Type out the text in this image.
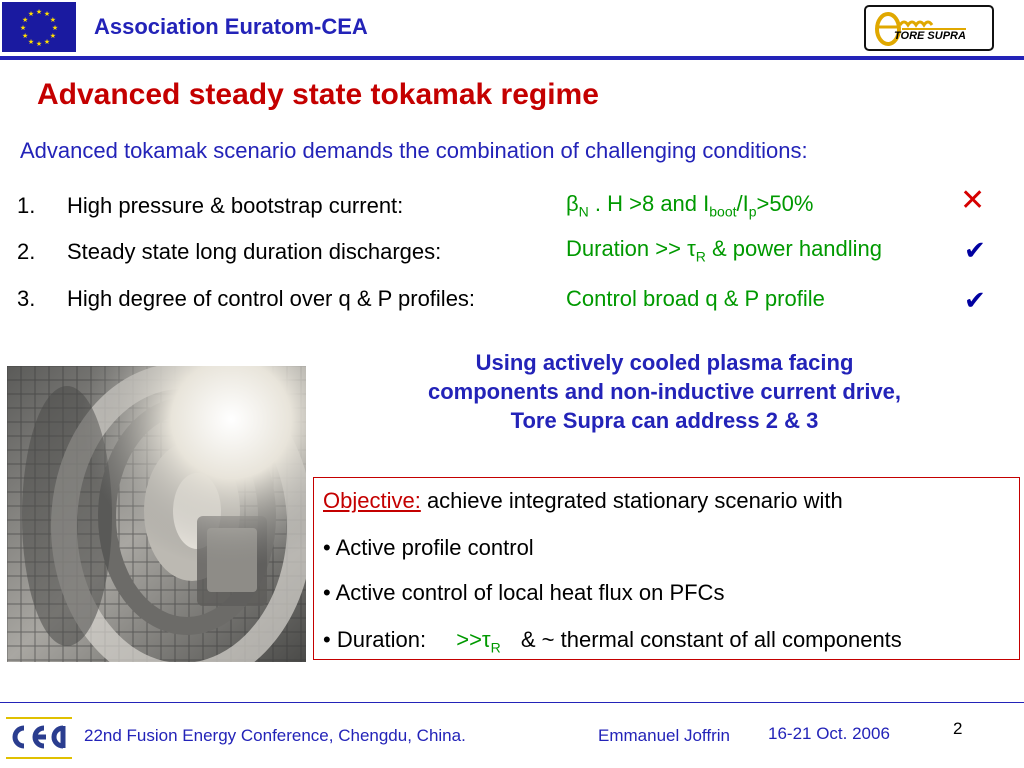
★ ★
★
★
★
★
★
★
★
★
★
★	Association Euratom-CEA	TORE SUPRA
Advanced steady state tokamak regime
Advanced tokamak scenario demands the combination of challenging conditions:
1. High pressure & bootstrap current:	$\beta_N$ . H >8 and $I_{boot}/I_p>50\%$	✕
2. Steady state long duration discharges:	Duration >> $\tau_R$ & power handling	✔
3. High degree of control over q & P profiles:	Control broad q & P profile	✔
Using actively cooled plasma facing
components and non-inductive current drive,
Tore Supra can address 2 & 3
Objective: achieve integrated stationary scenario with
• Active profile control
• Active control of local heat flux on PFCs
• Duration: $>>\tau_R$ & ~ thermal constant of all components
22nd Fusion Energy Conference, Chengdu, China.	Emmanuel Joffrin 16-21 Oct. 2006	2
